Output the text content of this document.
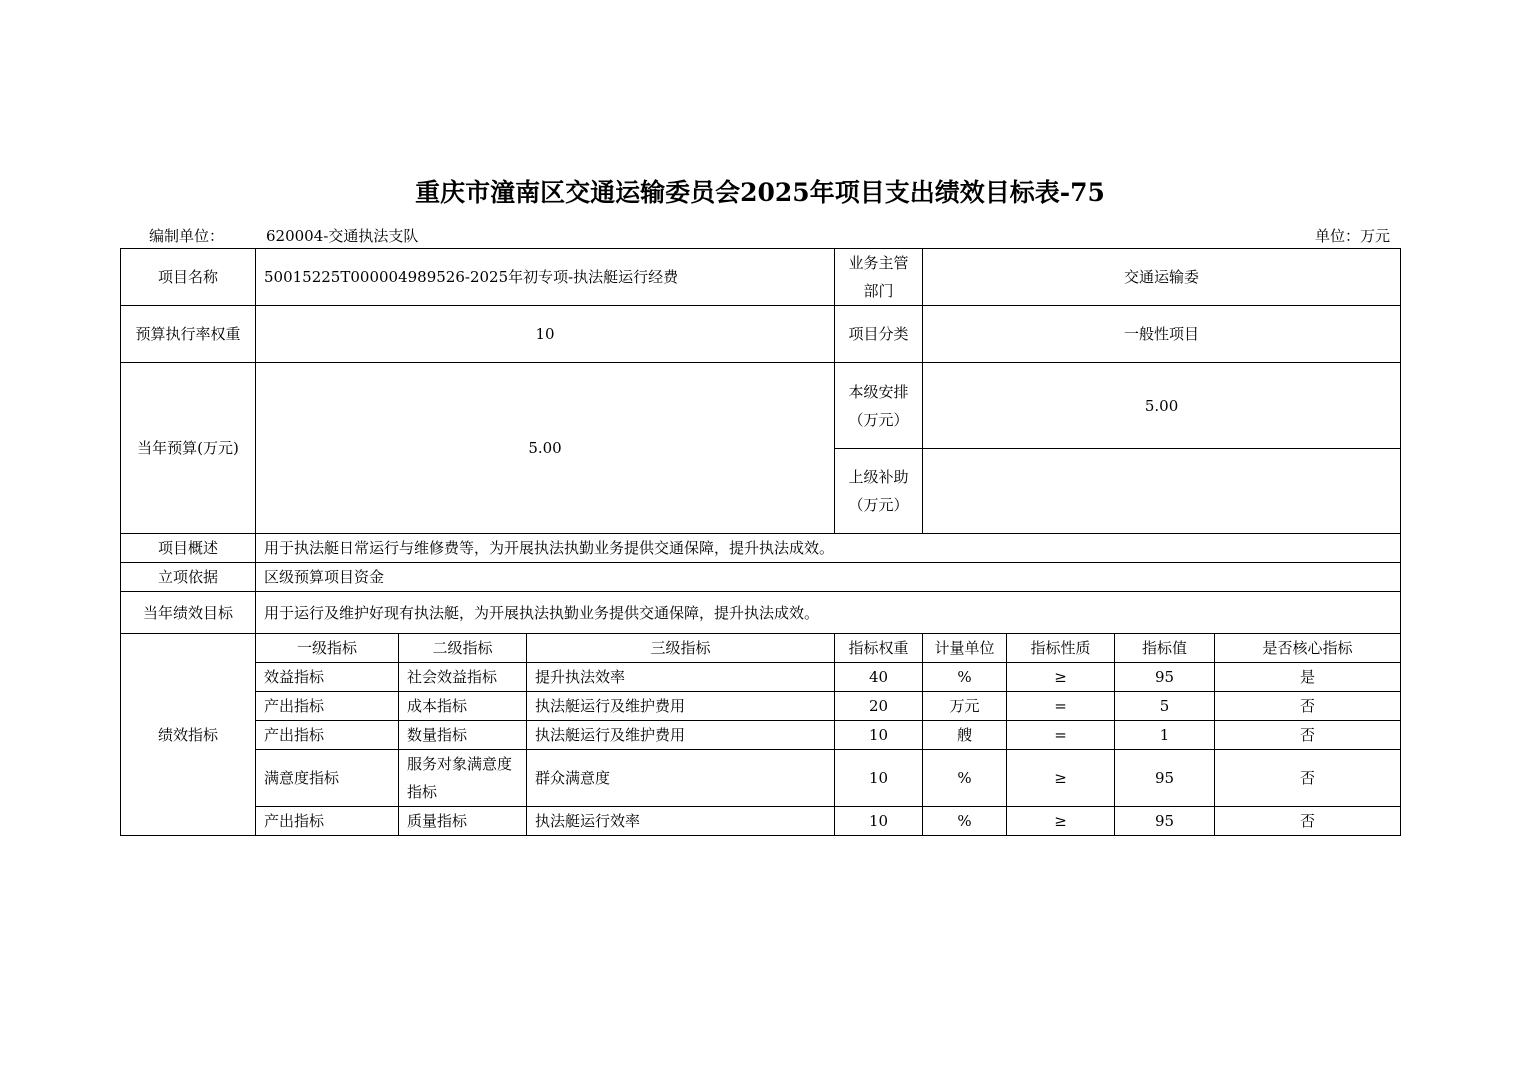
重庆市潼南区交通运输委员会2025年项目支出绩效目标表-75
编制单位：	620004-交通执法支队	单位：万元
项目名称	50015225T000004989526-2025年初专项-执法艇运行经费			业务主管部门	交通运输委			
预算执行率权重	10			项目分类	一般性项目			
当年预算(万元)	5.00			本级安排（万元）	5.00			
				上级补助（万元）				
项目概述	用于执法艇日常运行与维修费等，为开展执法执勤业务提供交通保障，提升执法成效。							
立项依据	区级预算项目资金							
当年绩效目标	用于运行及维护好现有执法艇，为开展执法执勤业务提供交通保障，提升执法成效。							
绩效指标	一级指标	二级指标	三级指标	指标权重	计量单位	指标性质	指标值	是否核心指标
	效益指标	社会效益指标	提升执法效率	40	%	≥	95	是
	产出指标	成本指标	执法艇运行及维护费用	20	万元	=	5	否
	产出指标	数量指标	执法艇运行及维护费用	10	艘	=	1	否
	满意度指标	服务对象满意度指标	群众满意度	10	%	≥	95	否
	产出指标	质量指标	执法艇运行效率	10	%	≥	95	否
